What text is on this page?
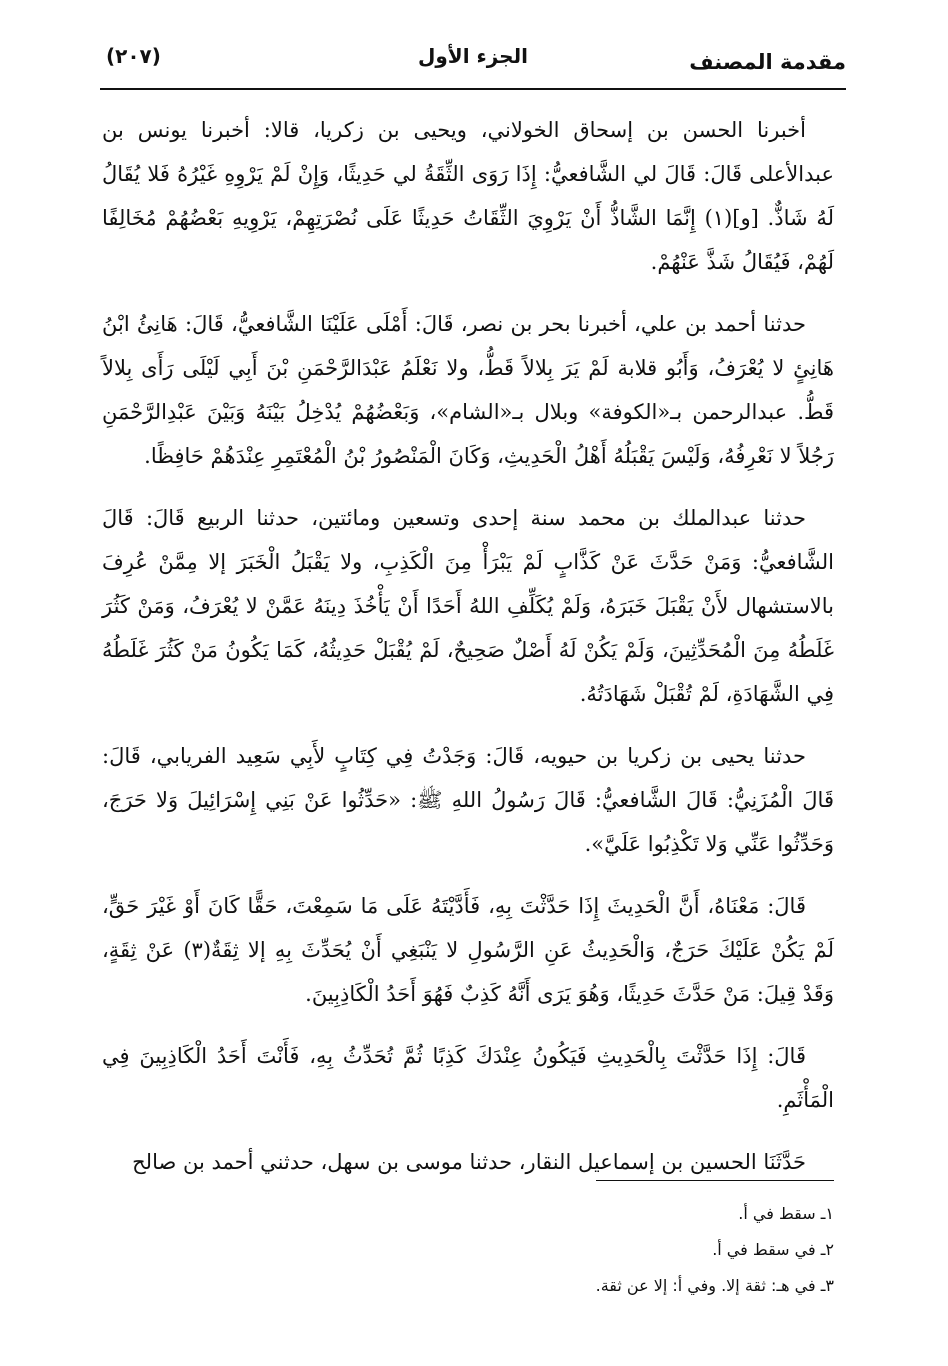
مقدمة المصنف
الجزء الأول
(٢٠٧)

أخبرنا الحسن بن إسحاق الخولاني، ويحيى بن زكريا، قالا: أخبرنا يونس بن عبدالأعلى قَالَ: قَالَ لي الشَّافعيُّ: إِذَا رَوَى الثِّقَةُ لي حَدِيثًا، وَإِنْ لَمْ يَرْوِهِ غَيْرُهُ فَلا يُقَالُ لَهُ شَاذٌّ. [و](١) إِنَّمَا الشَّاذُّ أَنْ يَرْوِيَ الثِّقَاتُ حَدِيثًا عَلَى نُصْرَتِهِمْ، يَرْوِيهِ بَعْضُهُمْ مُخَالِفًا لَهُمْ، فَيُقَالُ شَذَّ عَنْهُمْ.

حدثنا أحمد بن علي، أخبرنا بحر بن نصر، قَالَ: أَمْلَى عَلَيْنَا الشَّافعيُّ، قَالَ: هَانِئُ ابْنُ هَانِئٍ لا يُعْرَفُ، وَأَبُو قلابة لَمْ يَرَ بِلالاً قَطُّ، ولا نَعْلَمُ عَبْدَالرَّحْمَنِ بْنَ أَبِي لَيْلَى رَأَى بِلالاً قَطُّ. عبدالرحمن بـ«الكوفة» وبلال بـ«الشام»، وَبَعْضُهُمْ يُدْخِلُ بَيْنَهُ وَبَيْنَ عَبْدِالرَّحْمَنِ رَجُلاً لا نَعْرِفُهُ، وَلَيْسَ يَقْبَلُهُ أَهْلُ الْحَدِيثِ، وَكَانَ الْمَنْصُورُ بْنُ الْمُعْتَمِرِ عِنْدَهُمْ حَافِظًا.

حدثنا عبدالملك بن محمد سنة إحدى وتسعين ومائتين، حدثنا الربيع قَالَ: قَالَ الشَّافعيُّ: وَمَنْ حَدَّثَ عَنْ كَذَّابٍ لَمْ يَبْرَأْ مِنَ الْكَذِبِ، ولا يَقْبَلُ الْخَبَرَ إلا مِمَّنْ عُرِفَ بالاستشهال لأَنْ يَقْبَلَ خَبَرَهُ، وَلَمْ يُكَلِّفِ اللهُ أَحَدًا أَنْ يَأْخُذَ دِينَهُ عَمَّنْ لا يُعْرَفُ، وَمَنْ كَثُرَ غَلَطُهُ مِنَ الْمُحَدِّثِينَ، وَلَمْ يَكُنْ لَهُ أَصْلٌ صَحِيحٌ، لَمْ يُقْبَلْ حَدِيثُهُ، كَمَا يَكُونُ مَنْ كَثُرَ غَلَطُهُ فِي الشَّهَادَةِ، لَمْ تُقْبَلْ شَهَادَتُهُ.

حدثنا يحيى بن زكريا بن حيويه، قَالَ: وَجَدْتُ فِي كِتَابٍ لأَبِي سَعِيد الفريابي، قَالَ: قَالَ الْمُزَنِيُّ: قَالَ الشَّافعيُّ: قَالَ رَسُولُ اللهِ ﷺ: «حَدِّثُوا عَنْ بَنِي إِسْرَائِيلَ وَلا حَرَجَ، وَحَدِّثُوا عَنِّي وَلا تَكْذِبُوا عَلَيَّ».

قَالَ: مَعْنَاهُ، أَنَّ الْحَدِيثَ إِذَا حَدَّثْتَ بِهِ، فَأَدَّيْتَهُ عَلَى مَا سَمِعْتَ، حَقًّا كَانَ أَوْ غَيْرَ حَقٍّ، لَمْ يَكُنْ عَلَيْكَ حَرَجٌ، وَالْحَدِيثُ عَنِ الرَّسُولِ لا يَنْبَغِي أَنْ يُحَدِّثَ بِهِ إلا ثِقَةٌ(٣) عَنْ ثِقَةٍ، وَقَدْ قِيلَ: مَنْ حَدَّثَ حَدِيثًا، وَهُوَ يَرَى أَنَّهُ كَذِبٌ فَهُوَ أَحَدُ الْكَاذِبِينَ.

قَالَ: إِذَا حَدَّثْتَ بِالْحَدِيثِ فَيَكُونُ عِنْدَكَ كَذِبًا ثُمَّ تُحَدِّثُ بِهِ، فَأَنْتَ أَحَدُ الْكَاذِبِينَ فِي الْمَأْثَمِ.

حَدَّثَنَا الحسين بن إسماعيل النقار، حدثنا موسى بن سهل، حدثني أحمد بن صالح

١ـ سقط في أ.

٢ـ في سقط في أ.

٣ـ في هـ: ثقة إلا. وفي أ: إلا عن ثقة.
